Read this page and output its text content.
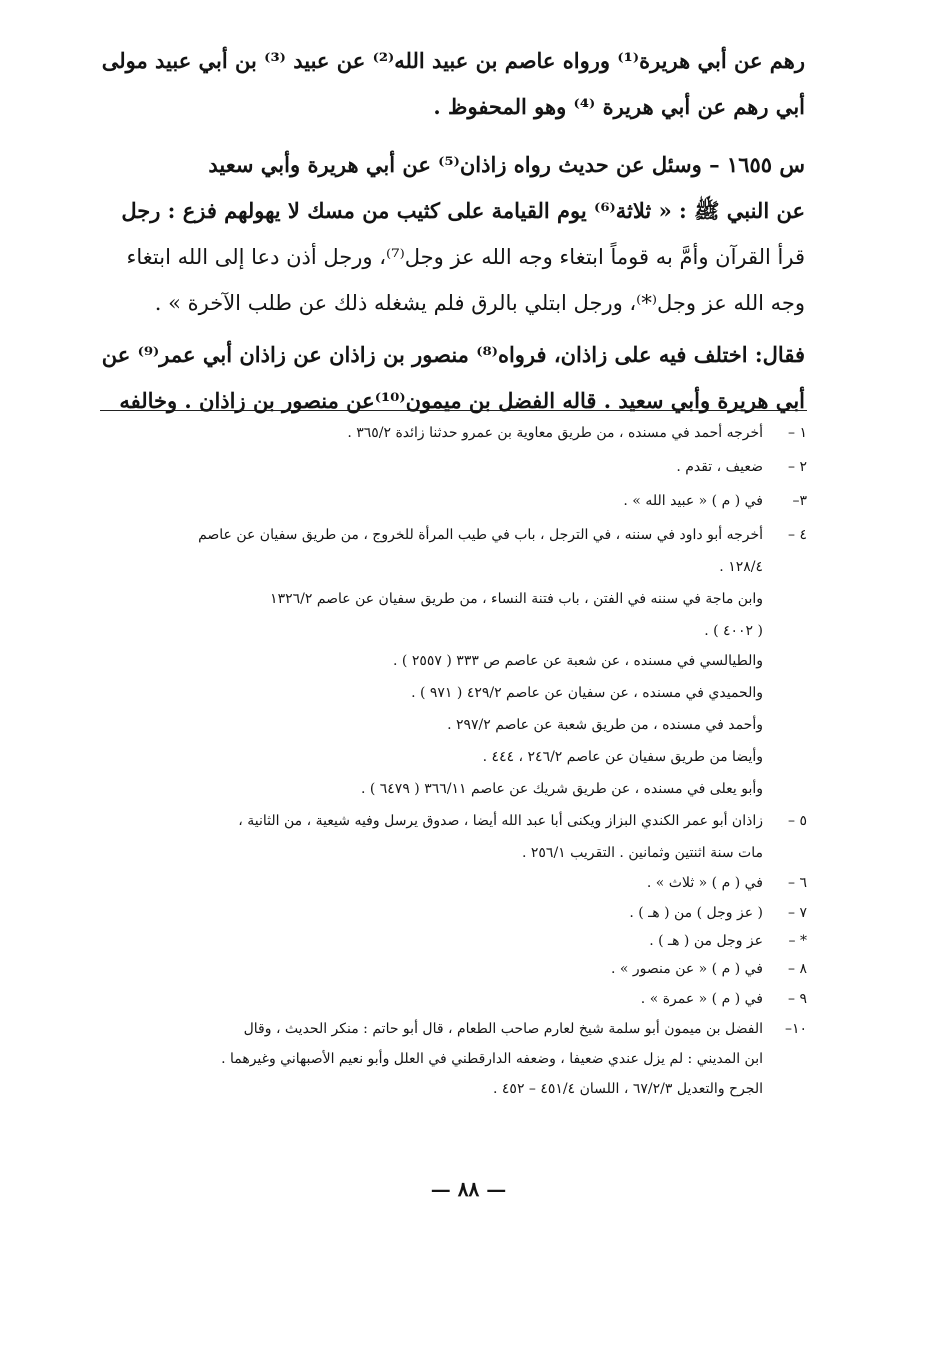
رهم عن أبي هريرة⁽¹⁾ ورواه عاصم بن عبيد الله⁽²⁾ عن عبيد ⁽³⁾ بن أبي عبيد مولى
أبي رهم عن أبي هريرة ⁽⁴⁾ وهو المحفوظ .
س ١٦٥٥ – وسئل عن حديث رواه زاذان⁽⁵⁾ عن أبي هريرة وأبي سعيد
عن النبي ﷺ : « ثلاثة⁽⁶⁾ يوم القيامة على كثيب من مسك لا يهولهم فزع : رجل
قرأ القرآن وأمَّ به قوماً ابتغاء وجه الله عز وجل⁽⁷⁾، ورجل أذن دعا إلى الله ابتغاء
وجه الله عز وجل⁽*⁾، ورجل ابتلي بالرق فلم يشغله ذلك عن طلب الآخرة » .
فقال: اختلف فيه على زاذان، فرواه⁽⁸⁾ منصور بن زاذان عن زاذان أبي عمر⁽⁹⁾ عن
أبي هريرة وأبي سعيد . قاله الفضل بن ميمون⁽¹⁰⁾عن منصور بن زاذان . وخالفه
١ –
أخرجه أحمد في مسنده ، من طريق معاوية بن عمرو حدثنا زائدة ٣٦٥/٢ .
٢ –
ضعيف ، تقدم .
٣–
في ( م ) « عبيد الله » .
٤ –
أخرجه أبو داود في سننه ، في الترجل ، باب في طيب المرأة للخروج ، من طريق سفيان عن عاصم
١٢٨/٤ .
وابن ماجة في سننه في الفتن ، باب فتنة النساء ، من طريق سفيان عن عاصم ١٣٢٦/٢
( ٤٠٠٢ ) .
والطيالسي في مسنده ، عن شعبة عن عاصم ص ٣٣٣ ( ٢٥٥٧ ) .
والحميدي في مسنده ، عن سفيان عن عاصم ٤٢٩/٢ ( ٩٧١ ) .
وأحمد في مسنده ، من طريق شعبة عن عاصم ٢٩٧/٢ .
وأيضا من طريق سفيان عن عاصم ٢٤٦/٢ ، ٤٤٤ .
وأبو يعلى في مسنده ، عن طريق شريك عن عاصم ٣٦٦/١١ ( ٦٤٧٩ ) .
٥ –
زاذان أبو عمر الكندي البزاز ويكنى أبا عبد الله أيضا ، صدوق يرسل وفيه شيعية ، من الثانية ،
مات سنة اثنتين وثمانين . التقريب ٢٥٦/١ .
٦ –
في ( م ) « ثلاث » .
٧ –
( عز وجل ) من ( هـ ) .
* –
عز وجل من ( هـ ) .
٨ –
في ( م ) « عن منصور » .
٩ –
في ( م ) « عمرة » .
١٠–
الفضل بن ميمون أبو سلمة شيخ لعارم صاحب الطعام ، قال أبو حاتم : منكر الحديث ، وقال
ابن المديني : لم يزل عندي ضعيفا ، وضعفه الدارقطني في العلل وأبو نعيم الأصبهاني وغيرهما .
الجرح والتعديل ٦٧/٢/٣ ، اللسان ٤٥١/٤ – ٤٥٢ .
— ٨٨ —
